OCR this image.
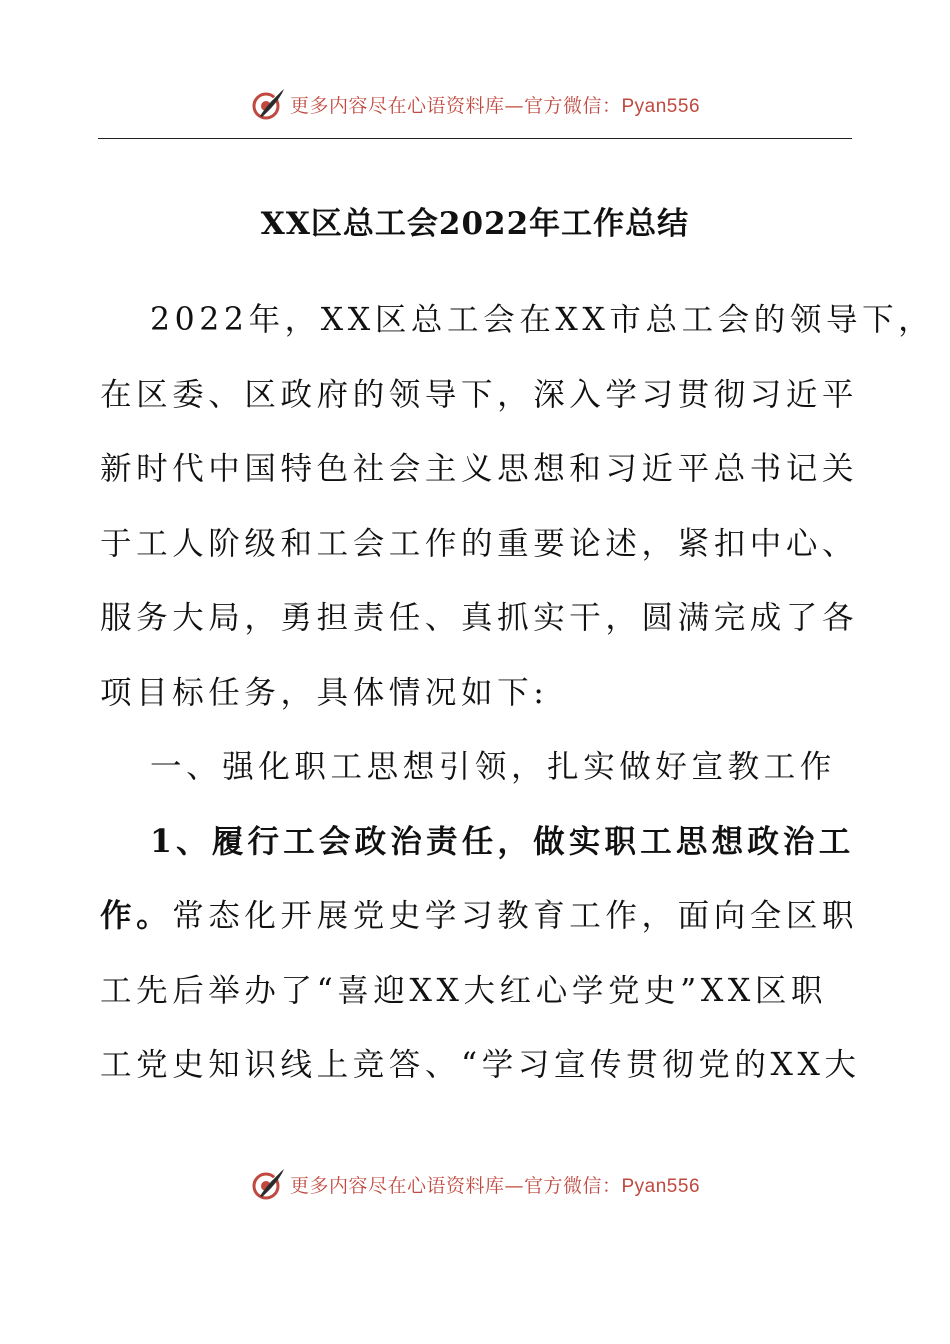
更多内容尽在心语资料库—官方微信：Pyan556
XX区总工会2022年工作总结
2022年，XX区总工会在XX市总工会的领导下，
在区委、区政府的领导下，深入学习贯彻习近平
新时代中国特色社会主义思想和习近平总书记关
于工人阶级和工会工作的重要论述，紧扣中心、
服务大局，勇担责任、真抓实干，圆满完成了各
项目标任务，具体情况如下:
一、强化职工思想引领，扎实做好宣教工作
1、履行工会政治责任，做实职工思想政治工
作。常态化开展党史学习教育工作，面向全区职
工先后举办了“喜迎XX大红心学党史”XX区职
工党史知识线上竞答、“学习宣传贯彻党的XX大
更多内容尽在心语资料库—官方微信：Pyan556
